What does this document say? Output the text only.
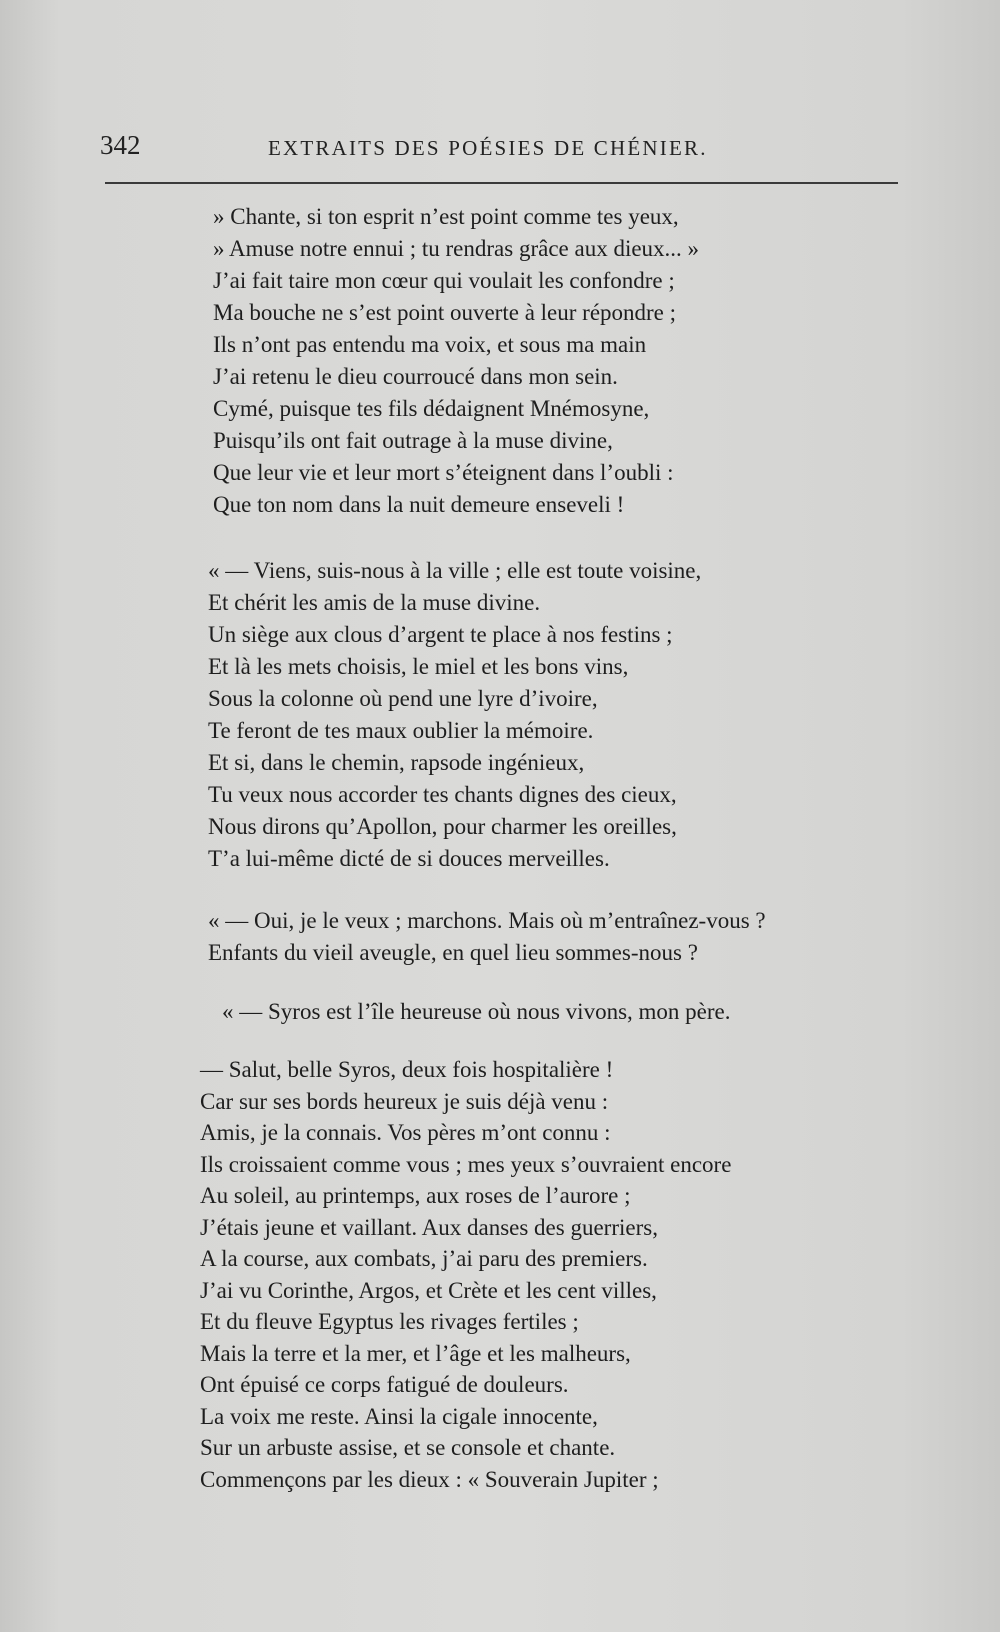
342	EXTRAITS DES POÉSIES DE CHÉNIER.
» Chante, si ton esprit n’est point comme tes yeux,
» Amuse notre ennui ; tu rendras grâce aux dieux... »
J’ai fait taire mon cœur qui voulait les confondre ;
Ma bouche ne s’est point ouverte à leur répondre ;
Ils n’ont pas entendu ma voix, et sous ma main
J’ai retenu le dieu courroucé dans mon sein.
Cymé, puisque tes fils dédaignent Mnémosyne,
Puisqu’ils ont fait outrage à la muse divine,
Que leur vie et leur mort s’éteignent dans l’oubli :
Que ton nom dans la nuit demeure enseveli !
« — Viens, suis-nous à la ville ; elle est toute voisine,
Et chérit les amis de la muse divine.
Un siège aux clous d’argent te place à nos festins ;
Et là les mets choisis, le miel et les bons vins,
Sous la colonne où pend une lyre d’ivoire,
Te feront de tes maux oublier la mémoire.
Et si, dans le chemin, rapsode ingénieux,
Tu veux nous accorder tes chants dignes des cieux,
Nous dirons qu’Apollon, pour charmer les oreilles,
T’a lui-même dicté de si douces merveilles.
« — Oui, je le veux ; marchons. Mais où m’entraînez-vous ?
Enfants du vieil aveugle, en quel lieu sommes-nous ?
« — Syros est l’île heureuse où nous vivons, mon père.
— Salut, belle Syros, deux fois hospitalière !
Car sur ses bords heureux je suis déjà venu :
Amis, je la connais. Vos pères m’ont connu :
Ils croissaient comme vous ; mes yeux s’ouvraient encore
Au soleil, au printemps, aux roses de l’aurore ;
J’étais jeune et vaillant. Aux danses des guerriers,
A la course, aux combats, j’ai paru des premiers.
J’ai vu Corinthe, Argos, et Crète et les cent villes,
Et du fleuve Egyptus les rivages fertiles ;
Mais la terre et la mer, et l’âge et les malheurs,
Ont épuisé ce corps fatigué de douleurs.
La voix me reste. Ainsi la cigale innocente,
Sur un arbuste assise, et se console et chante.
Commençons par les dieux : « Souverain Jupiter ;
